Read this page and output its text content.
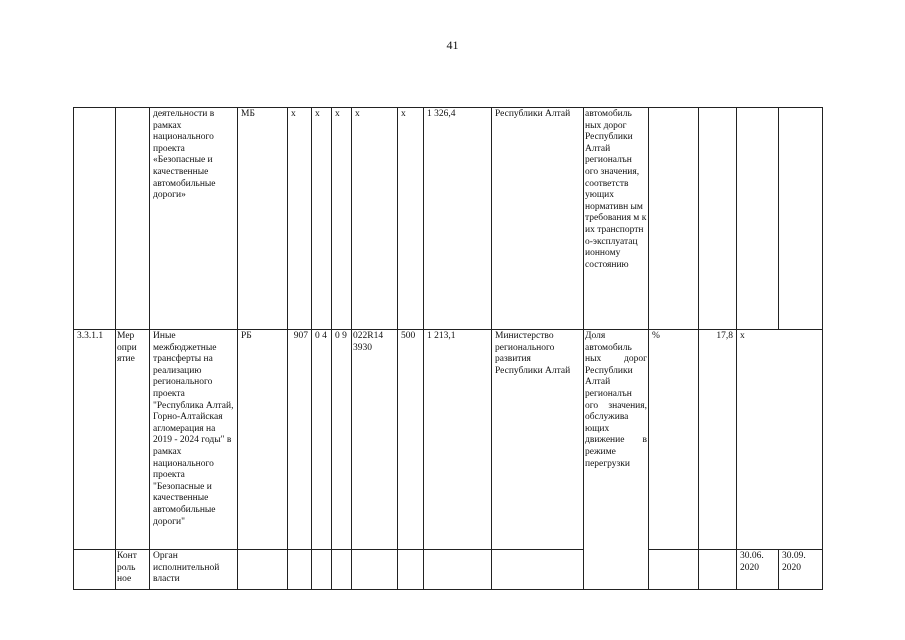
41
		деятельности в рамках национального проекта «Безопасные и качественные автомобильные дороги»	МБ	х	х	х	х	х	1 326,4	Республики Алтай	автомобиль ных дорог Республики Алтай регионалън ого значения, соответств ующих нормативн ым требования м к их транспортн о-эксплуатац ионному состоянию				
3.3.1.1	Мер опри ятие	Иные межбюджетные трансферты на реализацию регионального проекта "Республика Алтай, Горно-Алтайская агломерация на 2019 - 2024 годы" в рамках национального проекта "Безопасные и качественные автомобильные дороги"	РБ	907	0 4	0 9	022R14 3930	500	1 213,1	Министерство регионального развития Республики Алтай	Доля автомобиль ных дорог Республики Алтай регионалън ого значения, обслужива ющих движение в режиме перегрузки	%	17,8	х	
	Конт роль ное	Орган исполнительной власти												30.06. 2020	30.09. 2020
